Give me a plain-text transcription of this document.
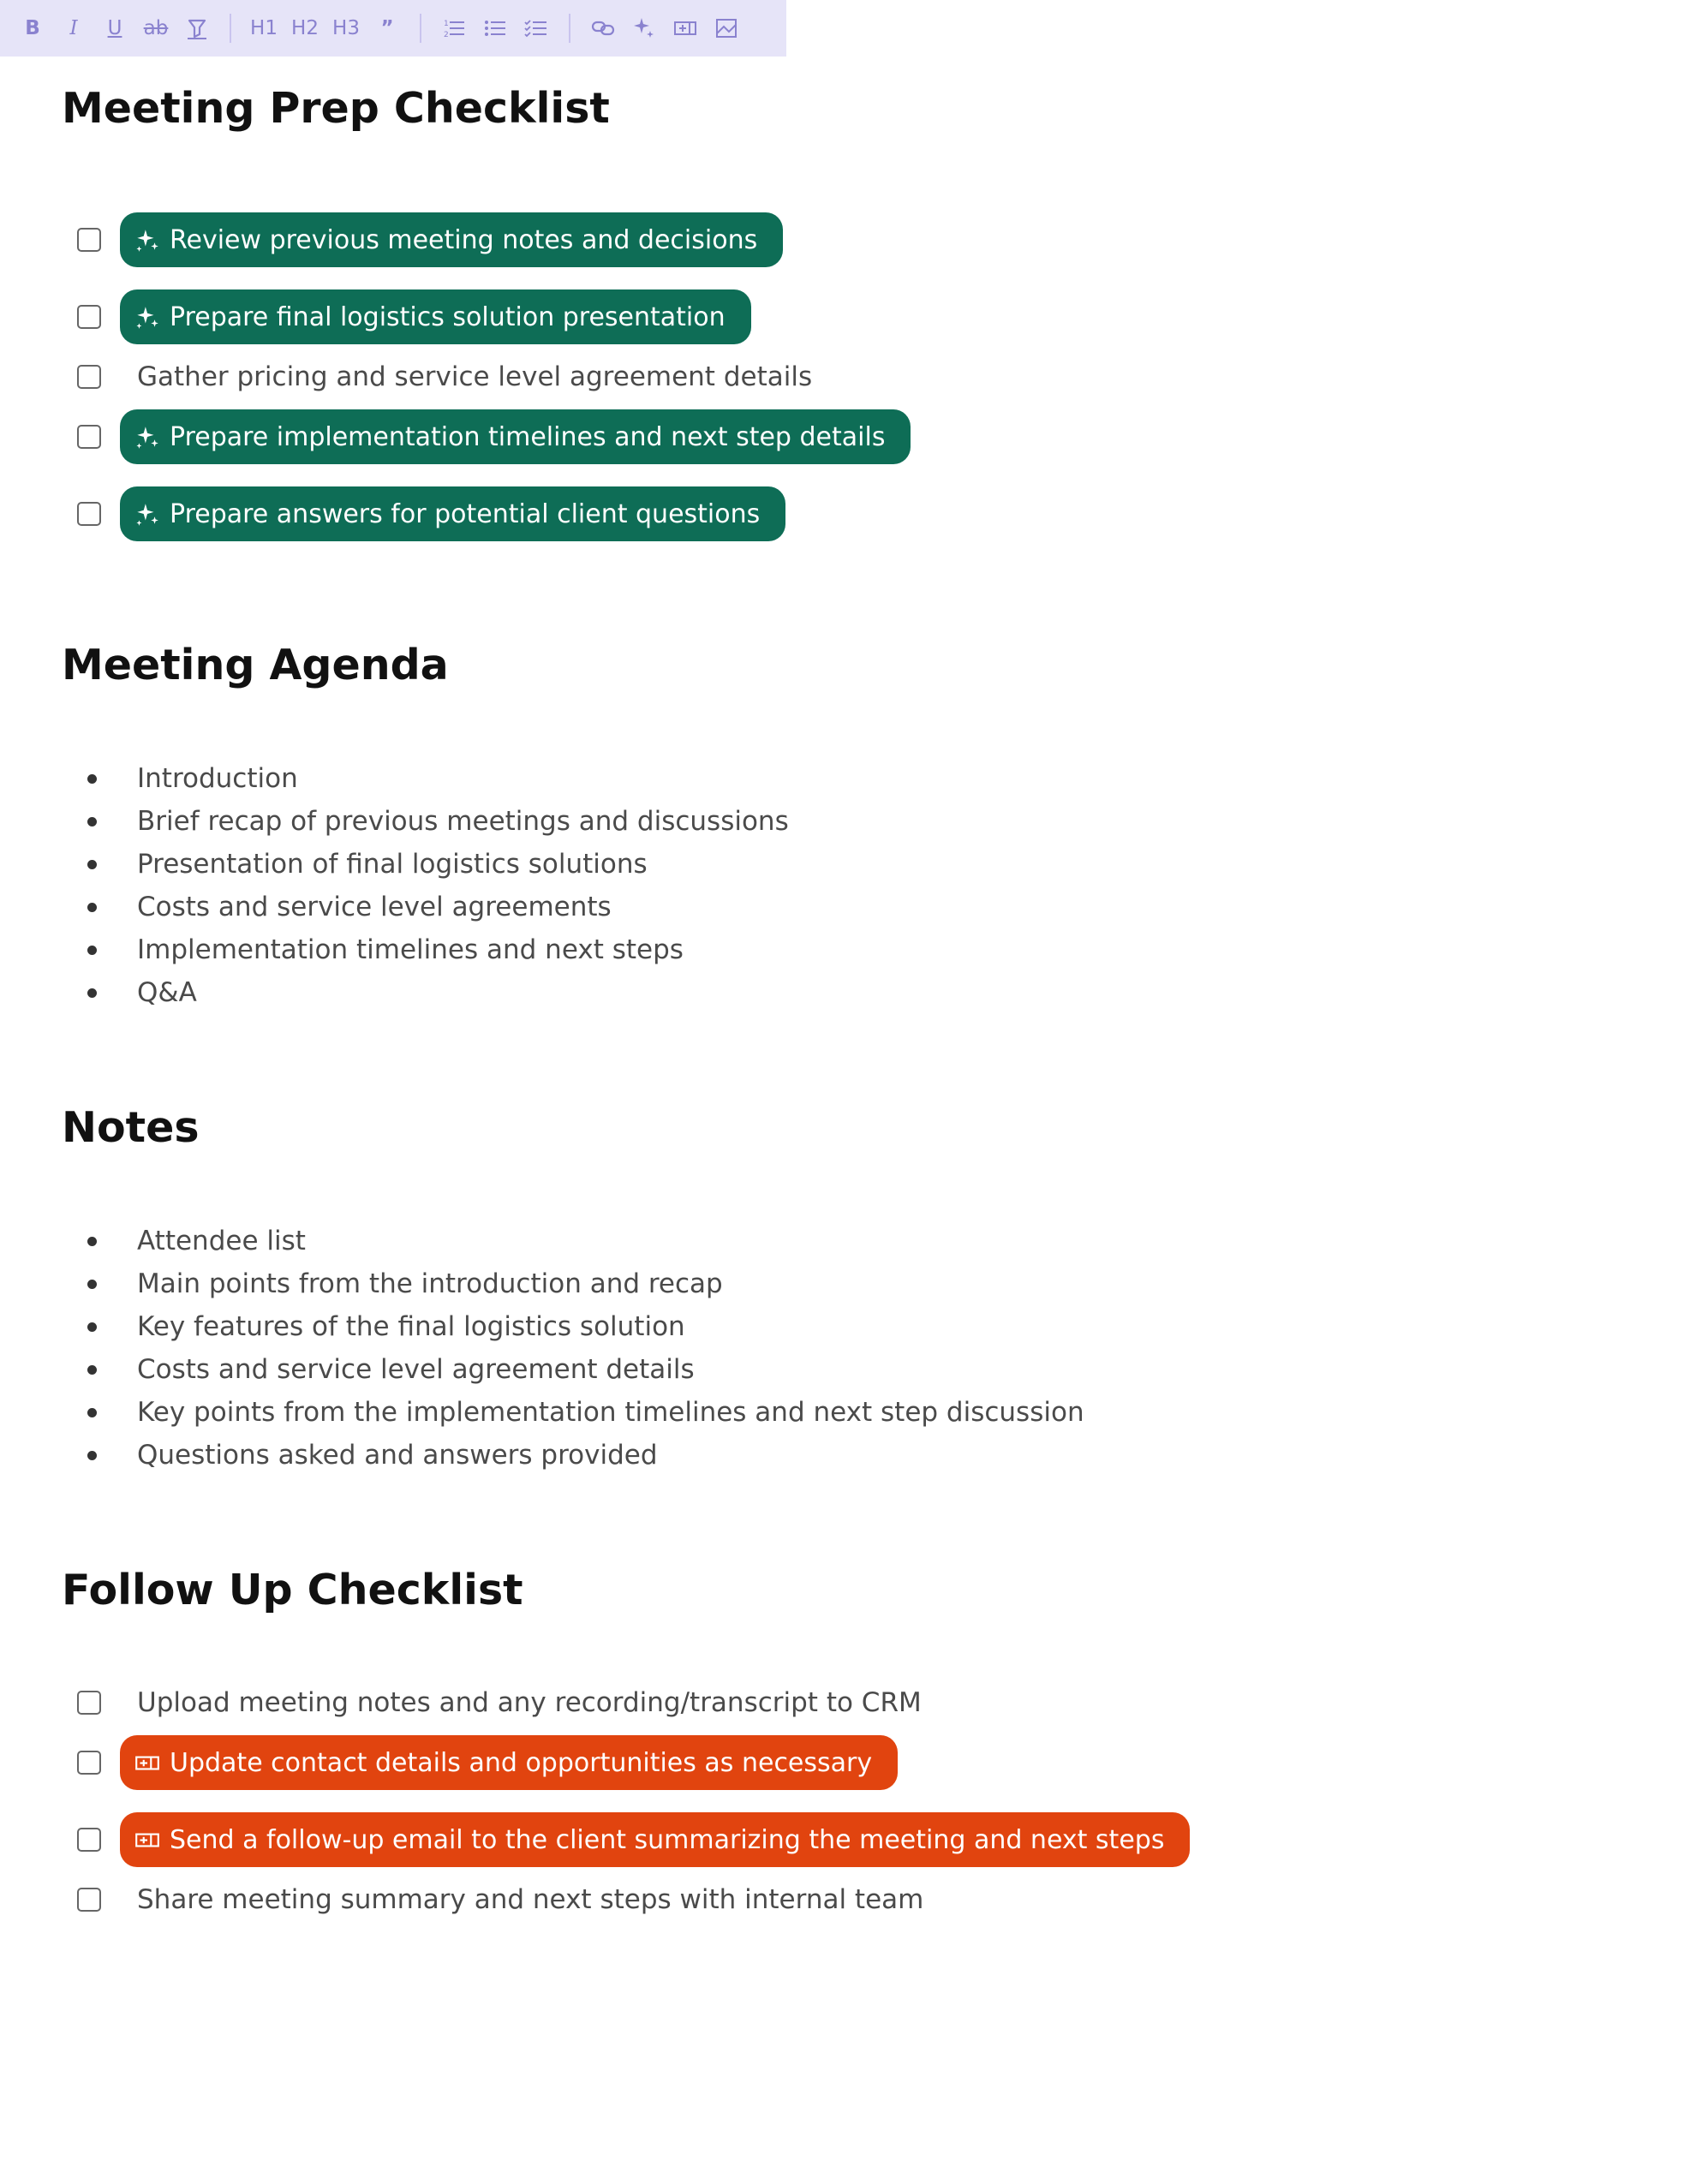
B	I	U	ab	H1 H2 H3	”	1
2
Meeting Prep Checklist
Review previous meeting notes and decisions
Prepare final logistics solution presentation
Gather pricing and service level agreement details
Prepare implementation timelines and next step details
Prepare answers for potential client questions
Meeting Agenda
Introduction
Brief recap of previous meetings and discussions
Presentation of final logistics solutions
Costs and service level agreements
Implementation timelines and next steps
Q&A
Notes
Attendee list
Main points from the introduction and recap
Key features of the final logistics solution
Costs and service level agreement details
Key points from the implementation timelines and next step discussion
Questions asked and answers provided
Follow Up Checklist
Upload meeting notes and any recording/transcript to CRM
Update contact details and opportunities as necessary
Send a follow-up email to the client summarizing the meeting and next steps
Share meeting summary and next steps with internal team
